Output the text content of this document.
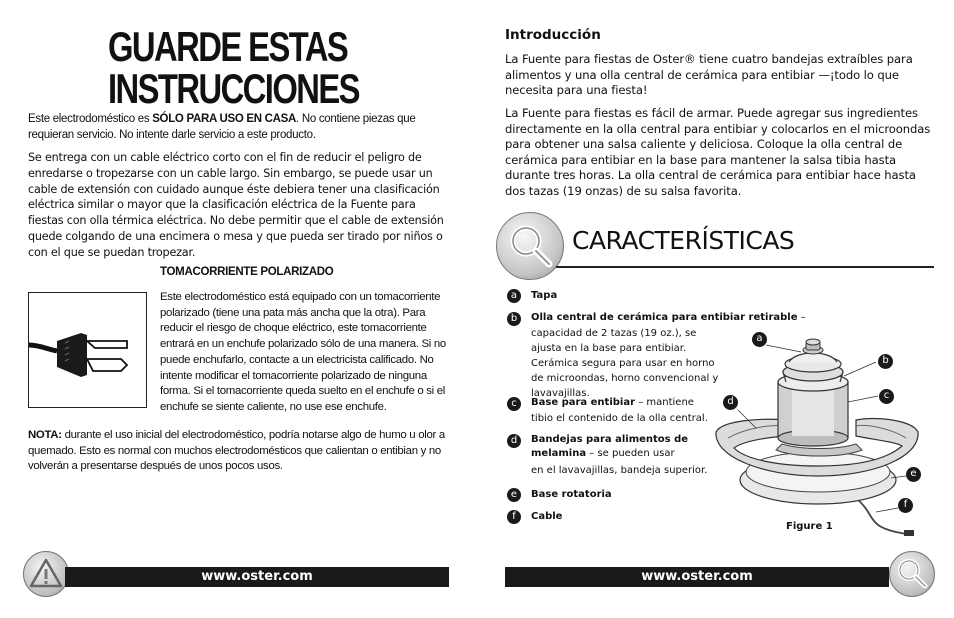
GUARDE ESTAS
INSTRUCCIONES
Este electrodoméstico es SÓLO PARA USO EN CASA. No contiene piezas que requieran servicio. No intente darle servicio a este producto.
Se entrega con un cable eléctrico corto con el fin de reducir el peligro de enredarse o tropezarse con un cable largo. Sin embargo, se puede usar un cable de extensión con cuidado aunque éste debiera tener una clasificación eléctrica similar o mayor que la clasificación eléctrica de la Fuente para fiestas con olla térmica eléctrica. No debe permitir que el cable de extensión quede colgando de una encimera o mesa y que pueda ser tirado por niños o con el que se puedan tropezar.
TOMACORRIENTE POLARIZADO
Este electrodoméstico está equipado con un tomacorriente polarizado (tiene una pata más ancha que la otra). Para reducir el riesgo de choque eléctrico, este tomacorriente entrará en un enchufe polarizado sólo de una manera. Si no puede enchufarlo, contacte a un electricista calificado. No intente modificar el tomacorriente polarizado de ninguna forma. Si el tomacorriente queda suelto en el enchufe o si el enchufe se siente caliente, no use ese enchufe.
NOTA: durante el uso inicial del electrodoméstico, podría notarse algo de humo u olor a quemado. Esto es normal con muchos electrodomésticos que calientan o entibian y no volverán a presentarse después de unos pocos usos.
www.oster.com
Introducción
La Fuente para fiestas de Oster® tiene cuatro bandejas extraíbles para alimentos y una olla central de cerámica para entibiar —¡todo lo que necesita para una fiesta!
La Fuente para fiestas es fácil de armar. Puede agregar sus ingredientes directamente en la olla central para entibiar y colocarlos en el microondas para obtener una salsa caliente y deliciosa. Coloque la olla central de cerámica para entibiar en la base para mantener la salsa tibia hasta durante tres horas. La olla central de cerámica para entibiar hace hasta dos tazas (19 onzas) de su salsa favorita.
CARACTERÍSTICAS
a	Tapa
b	Olla central de cerámica para entibiar retirable –
capacidad de 2 tazas (19 oz.), se ajusta en la base para entibiar. Cerámica segura para usar en horno de microondas, horno convencional y lavavajillas.
c	Base para entibiar – mantiene
tibio el contenido de la olla central.
d	Bandejas para alimentos de melamina – se pueden usar
en el lavavajillas, bandeja superior.
e	Base rotatoria
f	Cable
a
b
c
d
e
f
Figure 1
www.oster.com
